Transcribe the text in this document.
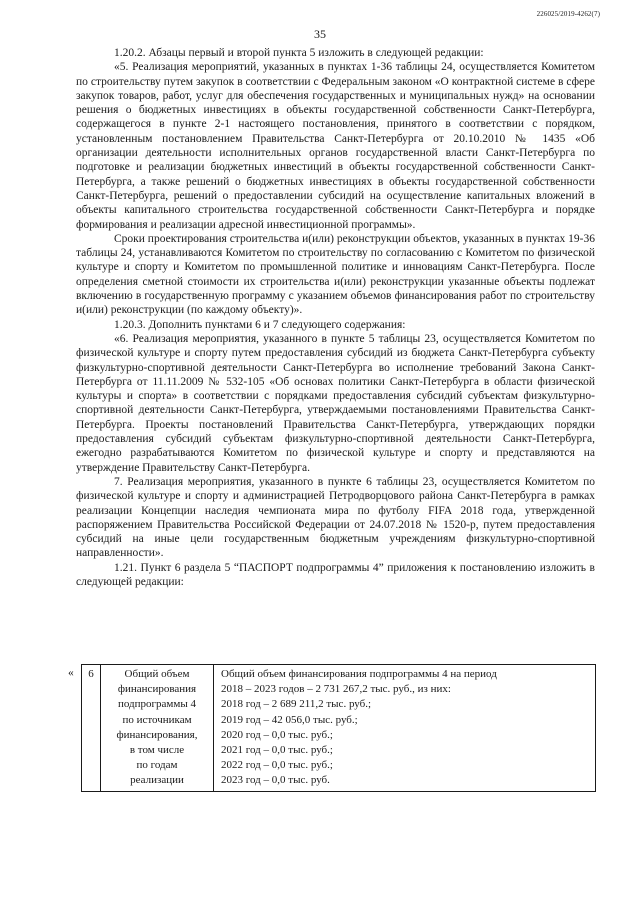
226025/2019-4262(7)
35

1.20.2. Абзацы первый и второй пункта 5 изложить в следующей редакции:

«5. Реализация мероприятий, указанных в пунктах 1-36 таблицы 24, осуществляется Комитетом по строительству путем закупок в соответствии с Федеральным законом «О контрактной системе в сфере закупок товаров, работ, услуг для обеспечения государственных и муниципальных нужд» на основании решения о бюджетных инвестициях в объекты государственной собственности Санкт-Петербурга, содержащегося в пункте 2-1 настоящего постановления, принятого в соответствии с порядком, установленным постановлением Правительства Санкт-Петербурга от 20.10.2010 № 1435 «Об организации деятельности исполнительных органов государственной власти Санкт-Петербурга по подготовке и реализации бюджетных инвестиций в объекты государственной собственности Санкт-Петербурга, а также решений о бюджетных инвестициях в объекты государственной собственности Санкт-Петербурга, решений о предоставлении субсидий на осуществление капитальных вложений в объекты капитального строительства государственной собственности Санкт-Петербурга и порядке формирования и реализации адресной инвестиционной программы».

Сроки проектирования строительства и(или) реконструкции объектов, указанных в пунктах 19-36 таблицы 24, устанавливаются Комитетом по строительству по согласованию с Комитетом по физической культуре и спорту и Комитетом по промышленной политике и инновациям Санкт-Петербурга. После определения сметной стоимости их строительства и(или) реконструкции указанные объекты подлежат включению в государственную программу с указанием объемов финансирования работ по строительству и(или) реконструкции (по каждому объекту)».

1.20.3. Дополнить пунктами 6 и 7 следующего содержания:

«6. Реализация мероприятия, указанного в пункте 5 таблицы 23, осуществляется Комитетом по физической культуре и спорту путем предоставления субсидий из бюджета Санкт-Петербурга субъекту физкультурно-спортивной деятельности Санкт-Петербурга во исполнение требований Закона Санкт-Петербурга от 11.11.2009 № 532-105 «Об основах политики Санкт-Петербурга в области физической культуры и спорта» в соответствии с порядками предоставления субсидий субъектам физкультурно-спортивной деятельности Санкт-Петербурга, утверждаемыми постановлениями Правительства Санкт-Петербурга. Проекты постановлений Правительства Санкт-Петербурга, утверждающих порядки предоставления субсидий субъектам физкультурно-спортивной деятельности Санкт-Петербурга, ежегодно разрабатываются Комитетом по физической культуре и спорту и представляются на утверждение Правительству Санкт-Петербурга.

7. Реализация мероприятия, указанного в пункте 6 таблицы 23, осуществляется Комитетом по физической культуре и спорту и администрацией Петродворцового района Санкт-Петербурга в рамках реализации Концепции наследия чемпионата мира по футболу FIFA 2018 года, утвержденной распоряжением Правительства Российской Федерации от 24.07.2018 № 1520-р, путем предоставления субсидий на иные цели государственным бюджетным учреждениям физкультурно-спортивной направленности».

1.21. Пункт 6 раздела 5 “ПАСПОРТ подпрограммы 4” приложения к постановлению изложить в следующей редакции:

« 6	Общий объем
финансирования
подпрограммы 4
по источникам
финансирования,
в том числе
по годам
реализации

Общий объем финансирования подпрограммы 4 на период
2018 – 2023 годов – 2 731 267,2 тыс. руб., из них:
2018 год – 2 689 211,2 тыс. руб.;
2019 год – 42 056,0 тыс. руб.;
2020 год – 0,0 тыс. руб.;
2021 год – 0,0 тыс. руб.;
2022 год – 0,0 тыс. руб.;
2023 год – 0,0 тыс. руб.
